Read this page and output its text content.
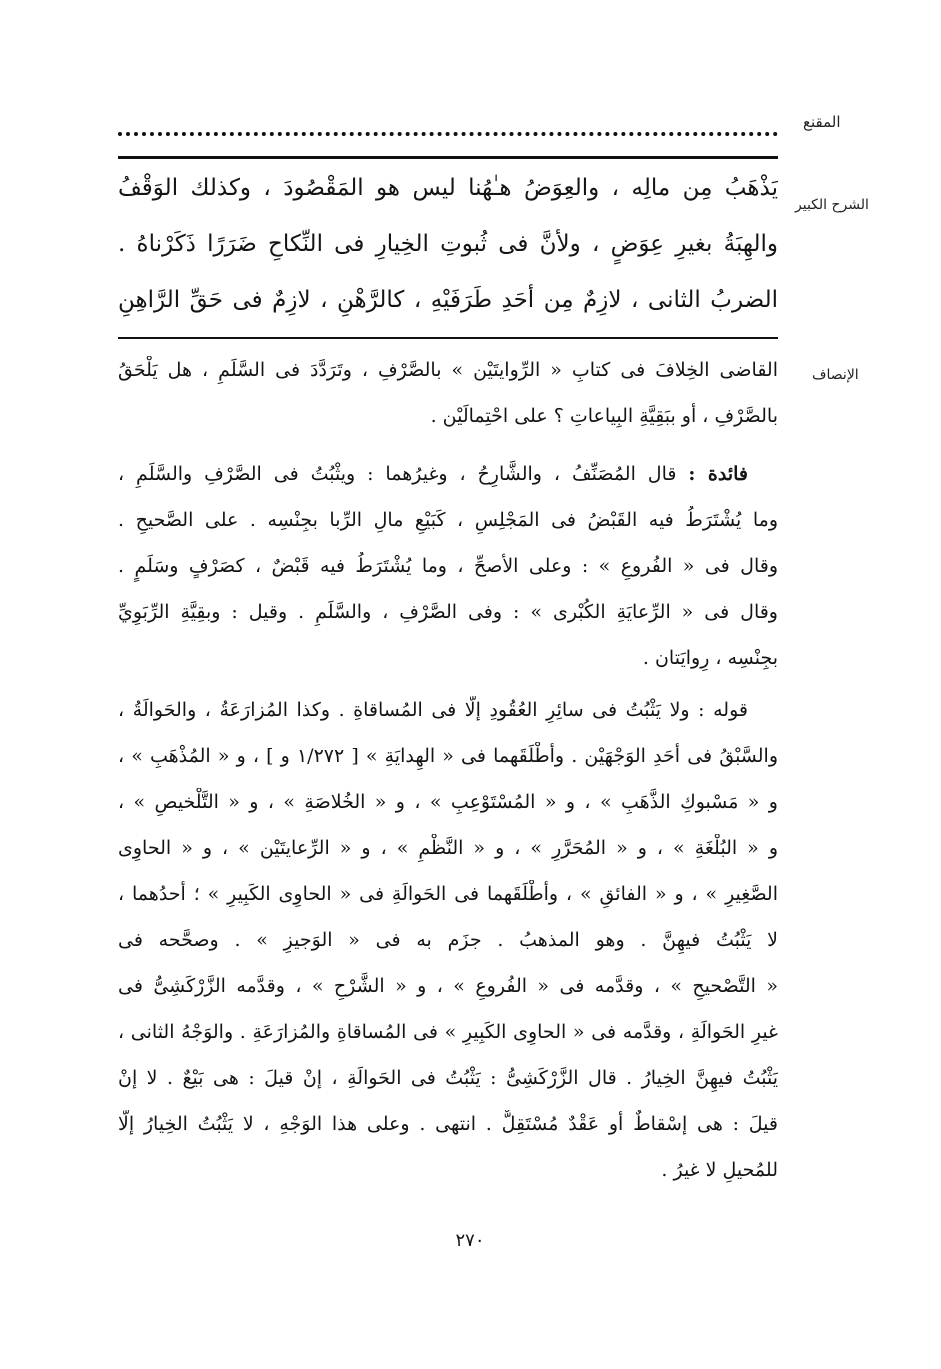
المقنع
الشرح الكبير
يَذْهَبُ مِن مالِه ، والعِوَضُ هـٰهُنا ليس هو المَقْصُودَ ، وكذلك الوَقْفُ
والهِبَةُ بغيرِ عِوَضٍ ، ولأنَّ فى ثُبوتِ الخِيارِ فى النِّكاحِ ضَرَرًا ذَكَرْناهُ .
الضربُ الثانى ، لازِمٌ مِن أحَدِ طَرَفَيْهِ ، كالرَّهْنِ ، لازِمٌ فى حَقِّ الرَّاهِنِ
الإنصاف
القاضى الخِلافَ فى كتابِ « الرِّوايتَيْن » بالصَّرْفِ ، وتَرَدَّدَ فى السَّلَمِ ، هل يَلْحَقُ
بالصَّرْفِ ، أو ببَقِيَّةِ البِياعاتِ ؟ على احْتِمالَيْن .
فائدة : قال المُصَنِّفُ ، والشَّارِحُ ، وغيرُهما : ويثْبُتُ فى الصَّرْفِ والسَّلَمِ ،
وما يُشْتَرَطُ فيه القَبْضُ فى المَجْلِسِ ، كَبَيْعِ مالِ الرِّبا بجِنْسِه . على الصَّحيحِ .
وقال فى « الفُروعِ » : وعلى الأصحِّ ، وما يُشْتَرَطُ فيه قَبْضٌ ، كصَرْفٍ وسَلَمٍ .
وقال فى « الرِّعايَةِ الكُبْرى » : وفى الصَّرْفِ ، والسَّلَمِ . وقيل : وبقِيَّةِ الرِّبَوِيِّ
بجِنْسِه ، رِوايَتان .
قوله : ولا يَثْبُتُ فى سائِرِ العُقُودِ إلَّا فى المُساقاةِ . وكذا المُزارَعَةُ ، والحَوالَةُ ،
والسَّبْقُ فى أحَدِ الوَجْهَيْن . وأطْلَقَهما فى « الهِدايَةِ » [ ١/٢٧٢ و ] ، و « المُذْهَبِ » ،
و « مَسْبوكِ الذَّهَبِ » ، و « المُسْتَوْعِبِ » ، و « الخُلاصَةِ » ، و « التَّلْخيصِ » ،
و « البُلْغَةِ » ، و « المُحَرَّرِ » ، و « النَّظْمِ » ، و « الرِّعايتَيْن » ، و « الحاوِى
الصَّغِيرِ » ، و « الفائقِ » ، وأطْلَقَهما فى الحَوالَةِ فى « الحاوِى الكَبِيرِ » ؛ أحدُهما ،
لا يَثْبُتُ فيهِنَّ . وهو المذهبُ . جزَم به فى « الوَجيزِ » . وصحَّحه فى
« التَّصْحيحِ » ، وقدَّمه فى « الفُروعِ » ، و « الشَّرْحِ » ، وقدَّمه الزَّرْكَشِىُّ فى
غيرِ الحَوالَةِ ، وقدَّمه فى « الحاوِى الكَبِيرِ » فى المُساقاةِ والمُزارَعَةِ . والوَجْهُ الثانى ،
يَثْبُتُ فيهِنَّ الخِيارُ . قال الزَّرْكَشِىُّ : يَثْبُتُ فى الحَوالَةِ ، إنْ قيلَ : هى بَيْعٌ . لا إنْ
قيلَ : هى إسْقاطٌ أو عَقْدٌ مُسْتَقِلٌّ . انتهى . وعلى هذا الوَجْهِ ، لا يَثْبُتُ الخِيارُ إلَّا
للمُحيلِ لا غيرُ .
٢٧٠
